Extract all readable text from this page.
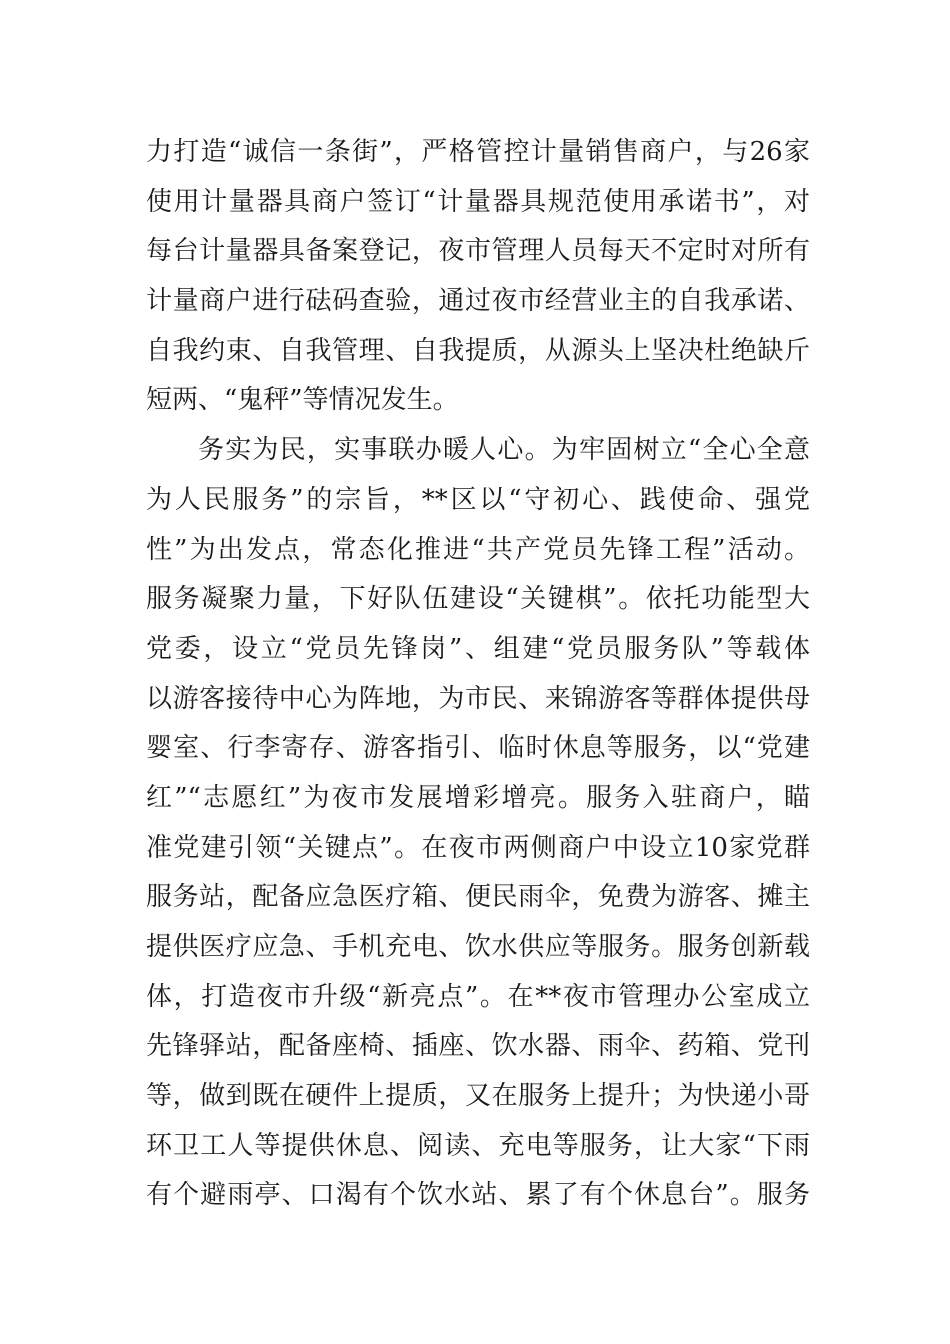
力打造“诚信一条街”，严格管控计量销售商户，与26家
使用计量器具商户签订“计量器具规范使用承诺书”，对
每台计量器具备案登记，夜市管理人员每天不定时对所有
计量商户进行砝码查验，通过夜市经营业主的自我承诺、
自我约束、自我管理、自我提质，从源头上坚决杜绝缺斤
短两、“鬼秤”等情况发生。
务实为民，实事联办暖人心。为牢固树立“全心全意
为人民服务”的宗旨，**区以“守初心、践使命、强党
性”为出发点，常态化推进“共产党员先锋工程”活动。
服务凝聚力量，下好队伍建设“关键棋”。依托功能型大
党委，设立“党员先锋岗”、组建“党员服务队”等载体
以游客接待中心为阵地，为市民、来锦游客等群体提供母
婴室、行李寄存、游客指引、临时休息等服务，以“党建
红”“志愿红”为夜市发展增彩增亮。服务入驻商户，瞄
准党建引领“关键点”。在夜市两侧商户中设立10家党群
服务站，配备应急医疗箱、便民雨伞，免费为游客、摊主
提供医疗应急、手机充电、饮水供应等服务。服务创新载
体，打造夜市升级“新亮点”。在**夜市管理办公室成立
先锋驿站，配备座椅、插座、饮水器、雨伞、药箱、党刊
等，做到既在硬件上提质，又在服务上提升；为快递小哥
环卫工人等提供休息、阅读、充电等服务，让大家“下雨
有个避雨亭、口渴有个饮水站、累了有个休息台”。服务
